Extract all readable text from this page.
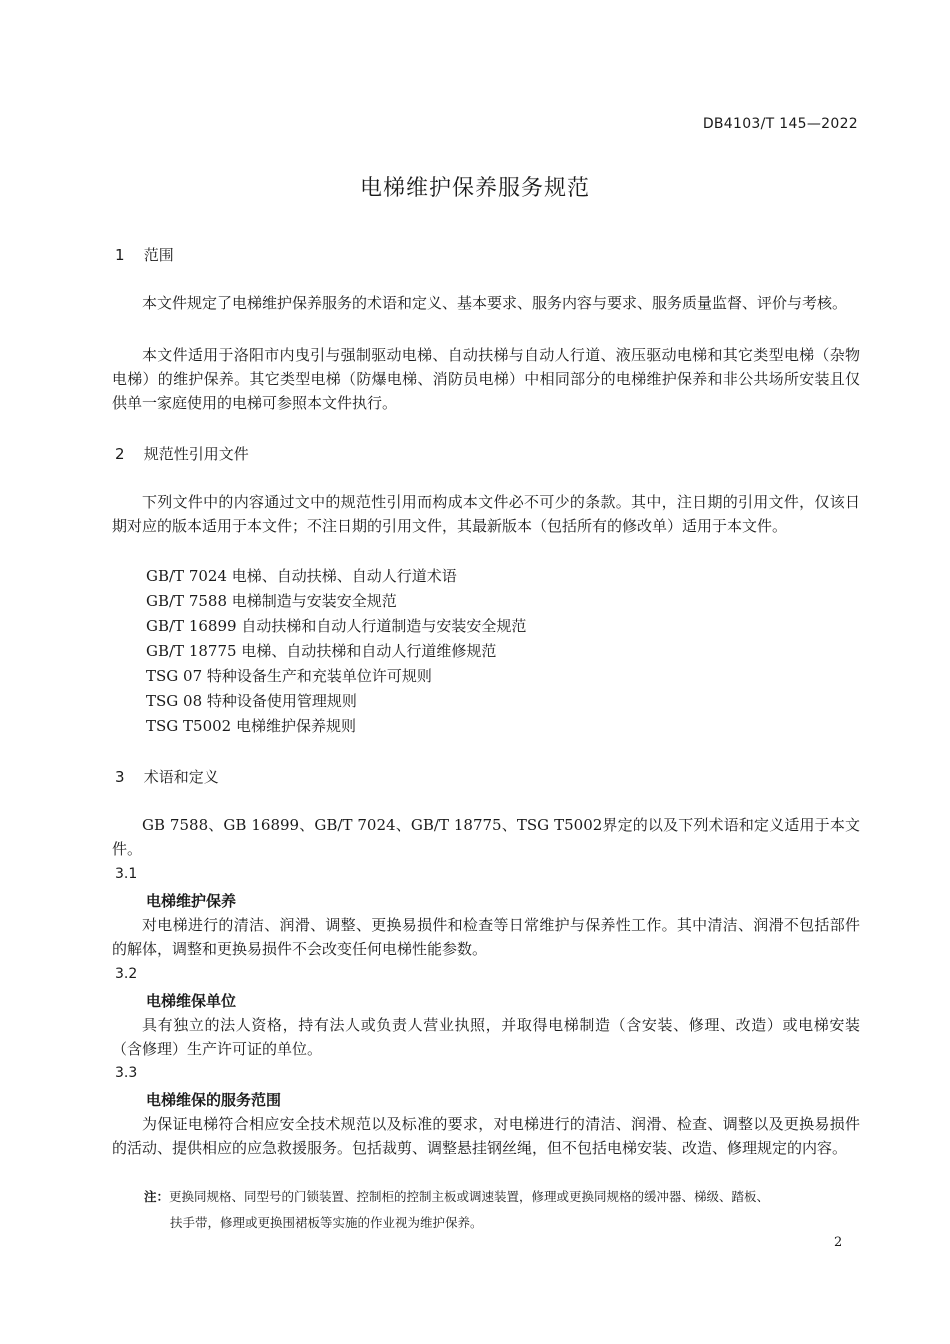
DB4103/T 145—2022
电梯维护保养服务规范
1 范围

本文件规定了电梯维护保养服务的术语和定义、基本要求、服务内容与要求、服务质量监督、评价与考核。

本文件适用于洛阳市内曳引与强制驱动电梯、自动扶梯与自动人行道、液压驱动电梯和其它类型电梯（杂物电梯）的维护保养。其它类型电梯（防爆电梯、消防员电梯）中相同部分的电梯维护保养和非公共场所安装且仅供单一家庭使用的电梯可参照本文件执行。

2 规范性引用文件

下列文件中的内容通过文中的规范性引用而构成本文件必不可少的条款。其中，注日期的引用文件，仅该日期对应的版本适用于本文件；不注日期的引用文件，其最新版本（包括所有的修改单）适用于本文件。

GB/T 7024 电梯、自动扶梯、自动人行道术语
GB/T 7588 电梯制造与安装安全规范
GB/T 16899 自动扶梯和自动人行道制造与安装安全规范
GB/T 18775 电梯、自动扶梯和自动人行道维修规范
TSG 07 特种设备生产和充装单位许可规则
TSG 08 特种设备使用管理规则
TSG T5002 电梯维护保养规则
3 术语和定义

GB 7588、GB 16899、GB/T 7024、GB/T 18775、TSG T5002界定的以及下列术语和定义适用于本文件。

3.1
电梯维护保养

对电梯进行的清洁、润滑、调整、更换易损件和检查等日常维护与保养性工作。其中清洁、润滑不包括部件的解体，调整和更换易损件不会改变任何电梯性能参数。

3.2
电梯维保单位

具有独立的法人资格，持有法人或负责人营业执照，并取得电梯制造（含安装、修理、改造）或电梯安装（含修理）生产许可证的单位。

3.3
电梯维保的服务范围

为保证电梯符合相应安全技术规范以及标准的要求，对电梯进行的清洁、润滑、检查、调整以及更换易损件的活动、提供相应的应急救援服务。包括裁剪、调整悬挂钢丝绳，但不包括电梯安装、改造、修理规定的内容。

注：更换同规格、同型号的门锁装置、控制柜的控制主板或调速装置，修理或更换同规格的缓冲器、梯级、踏板、
扶手带，修理或更换围裙板等实施的作业视为维护保养。
2
